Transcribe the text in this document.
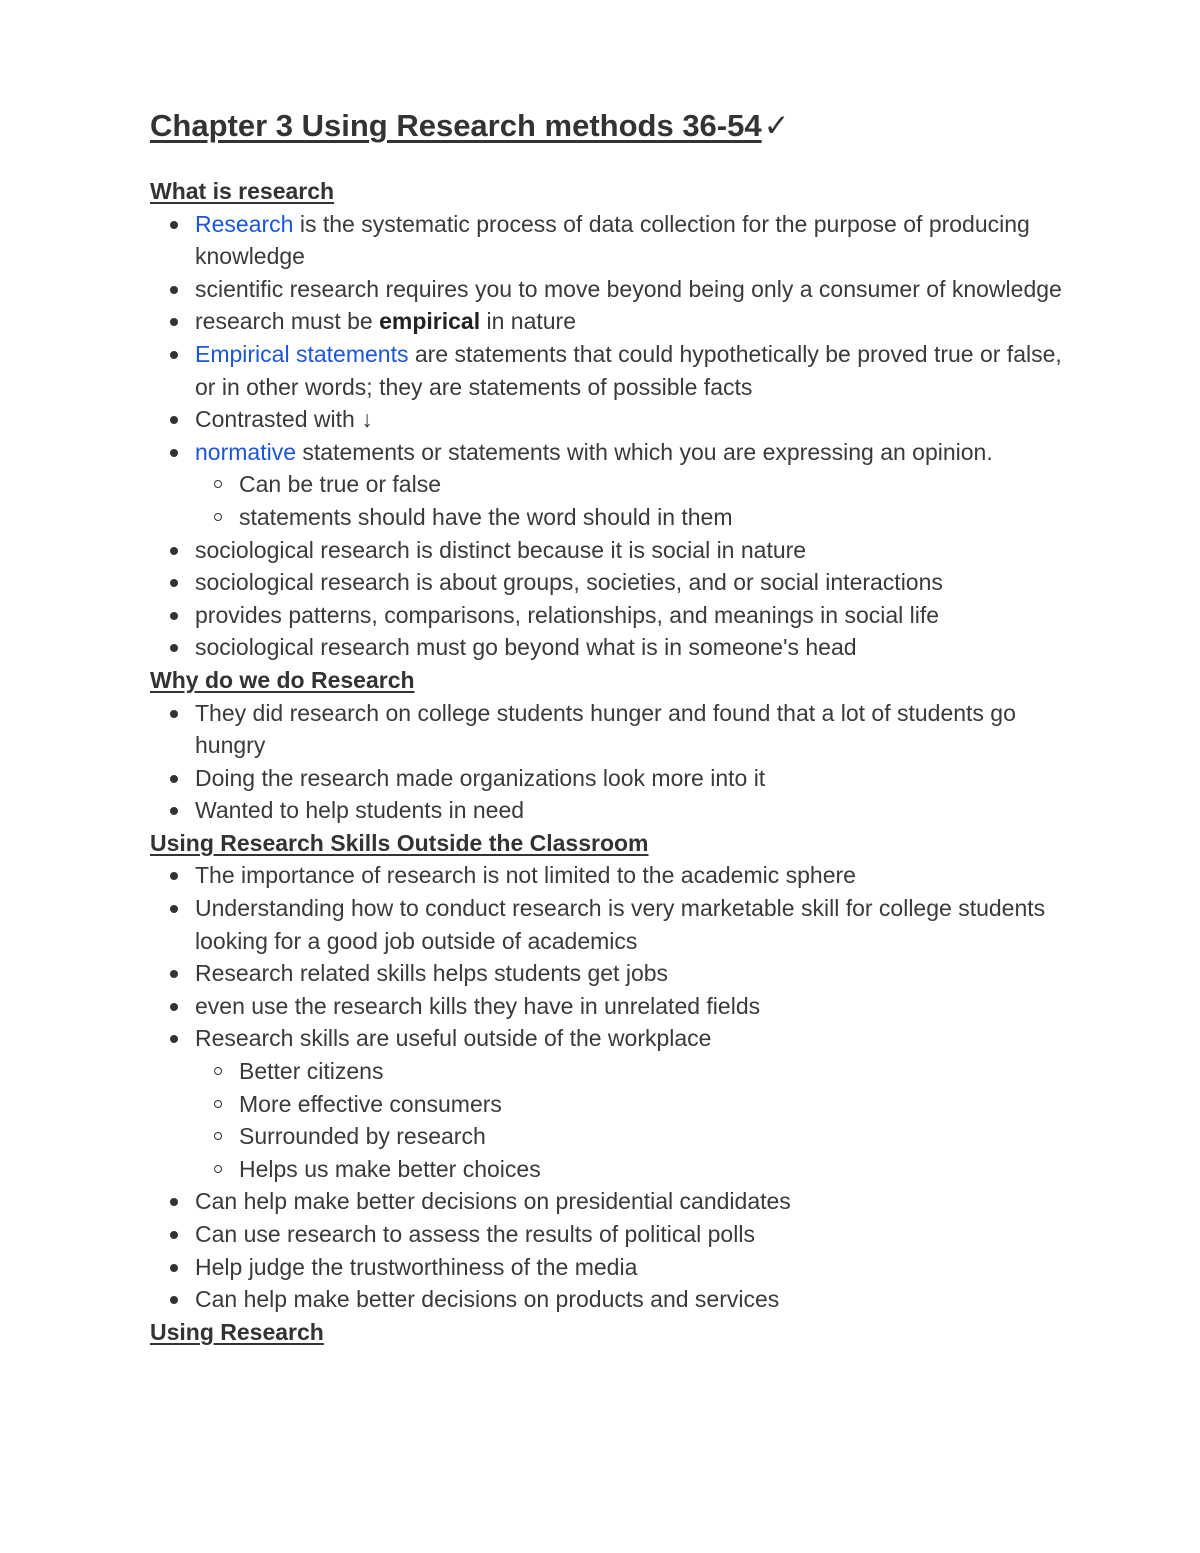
Chapter 3 Using Research methods 36-54✓
What is research
Research is the systematic process of data collection for the purpose of producing knowledge
scientific research requires you to move beyond being only a consumer of knowledge
research must be empirical in nature
Empirical statements are statements that could hypothetically be proved true or false, or in other words; they are statements of possible facts
Contrasted with ↓
normative statements or statements with which you are expressing an opinion.
Can be true or false
statements should have the word should in them
sociological research is distinct because it is social in nature
sociological research is about groups, societies, and or social interactions
provides patterns, comparisons, relationships, and meanings in social life
sociological research must go beyond what is in someone's head
Why do we do Research
They did research on college students hunger and found that a lot of students go hungry
Doing the research made organizations look more into it
Wanted to help students in need
Using Research Skills Outside the Classroom
The importance of research is not limited to the academic sphere
Understanding how to conduct research is very marketable skill for college students looking for a good job outside of academics
Research related skills helps students get jobs
even use the research kills they have in unrelated fields
Research skills are useful outside of the workplace
Better citizens
More effective consumers
Surrounded by research
Helps us make better choices
Can help make better decisions on presidential candidates
Can use research to assess the results of political polls
Help judge the trustworthiness of the media
Can help make better decisions on products and services
Using Research
